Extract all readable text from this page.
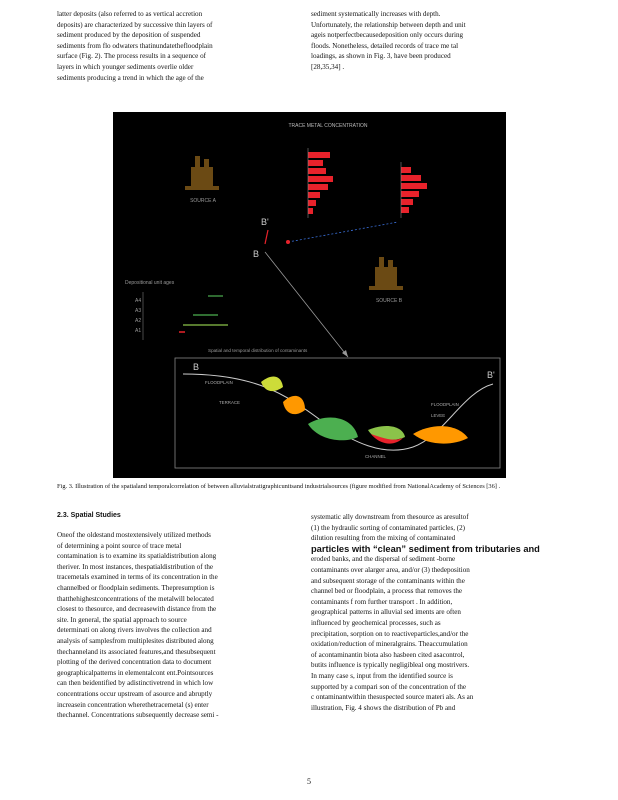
latter deposits (also referred to as vertical accretion
deposits) are characterized by successive thin layers of
sediment produced by the deposition of suspended
sediments from flo odwaters thatinundatethefloodplain
surface (Fig. 2). The process results in a sequence of
layers in which younger sediments overlie older
sediments producing a trend in which the age of the
sediment systematically increases with depth.
Unfortunately, the relationship between depth and unit
ageis notperfectbecausedeposition only occurs during
floods. Nonetheless, detailed records of trace me tal
loadings, as shown in Fig. 3, have been produced
[28,35,34] .
TRACE METAL CONCENTRATION
SOURCE A
SOURCE B
B'
B
Depositional unit ages
A4
A3
A2
A1
Spatial and temporal distribution of contaminants
B
B'
FLOODPLAIN
TERRACE
CHANNEL
LEVEE
FLOODPLAIN
Fig. 3. Illustration of the spatialand temporalcorrelation of between alluvialstratigraphicunitsand industrialsources (figure modified from NationalAcademy of Sciences [36] .
2.3. Spatial Studies
Oneof the oldestand mostextensively utilized methods
of determining a point source of trace metal
contamination is to examine its spatialdistribution along
theriver. In most instances, thespatialdistribution of the
tracemetals examined in terms of its concentration in the
channelbed or floodplain sediments. Thepresumption is
thatthehighestconcentrations of the metalwill belocated
closest to thesource, and decreasewith distance from the
site. In general, the spatial approach to source
determinati on along rivers involves the collection and
analysis of samplesfrom multiplesites distributed along
thechanneland its associated features,and thesubsequent
plotting of the derived concentration data to document
geographicalpatterns in elementalcont ent.Pointsources
can then beidentified by adistinctivetrend in which low
concentrations occur upstream of asource and abruptly
increasein concentration wherethetracemetal (s) enter
thechannel. Concentrations subsequently decrease semi -
systematic ally downstream from thesource as aresultof
(1) the hydraulic sorting of contaminated particles, (2)
dilution resulting from the mixing of contaminated
particles with “clean” sediment from tributaries and
eroded banks, and the dispersal of sediment -borne
contaminants over alarger area, and/or (3) thedeposition
and subsequent storage of the contaminants within the
channel bed or floodplain, a process that removes the
contaminants f rom further transport . In addition,
geographical patterns in alluvial sed iments are often
influenced by geochemical processes, such as
precipitation, sorption on to reactiveparticles,and/or the
oxidation/reduction of mineralgrains. Theaccumulation
of acontaminantin biota also hasbeen cited asacontrol,
butits influence is typically negligibleal ong mostrivers.
In many case s, input from the identified source is
supported by a compari son of the concentration of the
c ontaminantwithin thesuspected source materi als. As an
illustration, Fig. 4 shows the distribution of Pb and
5
